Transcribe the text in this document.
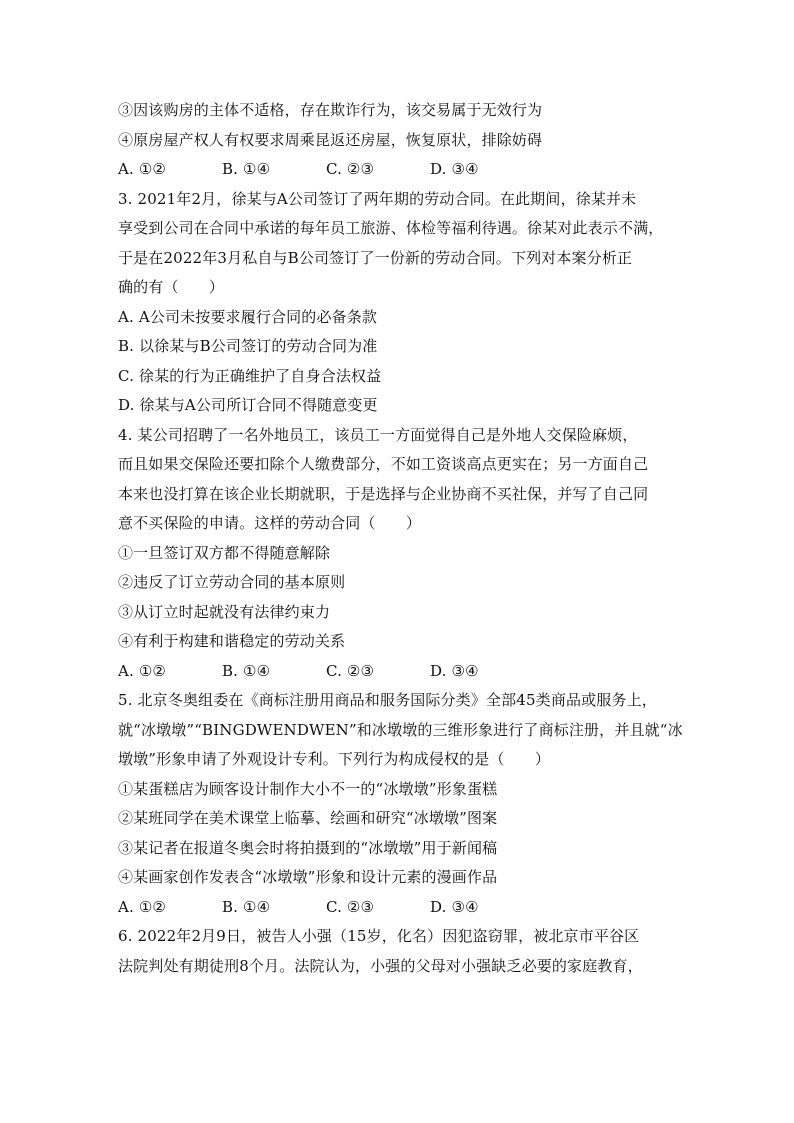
③因该购房的主体不适格，存在欺诈行为，该交易属于无效行为
④原房屋产权人有权要求周乘昆返还房屋，恢复原状，排除妨碍
A. ①②	B. ①④	C. ②③	D. ③④
3. 2021年2月，徐某与A公司签订了两年期的劳动合同。在此期间，徐某并未
享受到公司在合同中承诺的每年员工旅游、体检等福利待遇。徐某对此表示不满，
于是在2022年3月私自与B公司签订了一份新的劳动合同。下列对本案分析正
确的有（　　）
A. A公司未按要求履行合同的必备条款
B. 以徐某与B公司签订的劳动合同为准
C. 徐某的行为正确维护了自身合法权益
D. 徐某与A公司所订合同不得随意变更
4. 某公司招聘了一名外地员工，该员工一方面觉得自己是外地人交保险麻烦，
而且如果交保险还要扣除个人缴费部分，不如工资谈高点更实在；另一方面自己
本来也没打算在该企业长期就职，于是选择与企业协商不买社保，并写了自己同
意不买保险的申请。这样的劳动合同（　　）
①一旦签订双方都不得随意解除
②违反了订立劳动合同的基本原则
③从订立时起就没有法律约束力
④有利于构建和谐稳定的劳动关系
A. ①②	B. ①④	C. ②③	D. ③④
5. 北京冬奥组委在《商标注册用商品和服务国际分类》全部45类商品或服务上，
就“冰墩墩”“BINGDWENDWEN”和冰墩墩的三维形象进行了商标注册，并且就“冰
墩墩”形象申请了外观设计专利。下列行为构成侵权的是（　　）
①某蛋糕店为顾客设计制作大小不一的“冰墩墩”形象蛋糕
②某班同学在美术课堂上临摹、绘画和研究“冰墩墩”图案
③某记者在报道冬奥会时将拍摄到的“冰墩墩”用于新闻稿
④某画家创作发表含“冰墩墩”形象和设计元素的漫画作品
A. ①②	B. ①④	C. ②③	D. ③④
6. 2022年2月9日，被告人小强（15岁，化名）因犯盗窃罪，被北京市平谷区
法院判处有期徒刑8个月。法院认为，小强的父母对小强缺乏必要的家庭教育，
